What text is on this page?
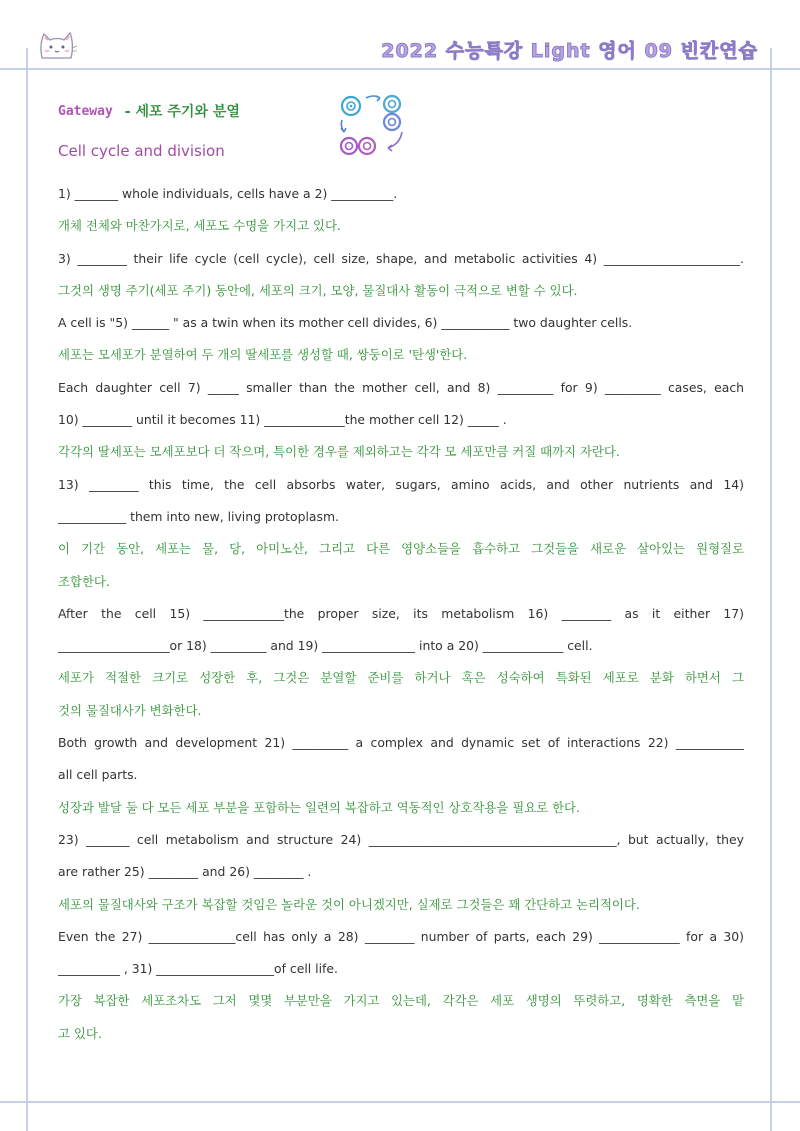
2022 수능특강 Light 영어 09 빈칸연습
Gateway - 세포 주기와 분열
Cell cycle and division
1) _______ whole individuals, cells have a 2) __________.
개체 전체와 마찬가지로, 세포도 수명을 가지고 있다.
3) ________ their life cycle (cell cycle), cell size, shape, and metabolic activities 4) ______________________.
그것의 생명 주기(세포 주기) 동안에, 세포의 크기, 모양, 물질대사 활동이 극적으로 변할 수 있다.
A cell is "5) ______ " as a twin when its mother cell divides, 6) ___________ two daughter cells.
세포는 모세포가 분열하여 두 개의 딸세포를 생성할 때, 쌍둥이로 '탄생'한다.
Each daughter cell 7) _____ smaller than the mother cell, and 8) _________ for 9) _________ cases, each
10) ________ until it becomes 11) _____________the mother cell 12) _____ .
각각의 딸세포는 모세포보다 더 작으며, 특이한 경우를 제외하고는 각각 모 세포만큼 커질 때까지 자란다.
13) ________ this time, the cell absorbs water, sugars, amino acids, and other nutrients and 14)
___________ them into new, living protoplasm.
이 기간 동안, 세포는 물, 당, 아미노산, 그리고 다른 영양소들을 흡수하고 그것들을 새로운 살아있는 원형질로
조합한다.
After the cell 15) _____________the proper size, its metabolism 16) ________ as it either 17)
__________________or 18) _________ and 19) _______________ into a 20) _____________ cell.
세포가 적절한 크기로 성장한 후, 그것은 분열할 준비를 하거나 혹은 성숙하여 특화된 세포로 분화 하면서 그
것의 물질대사가 변화한다.
Both growth and development 21) _________ a complex and dynamic set of interactions 22) ___________
all cell parts.
성장과 발달 둘 다 모든 세포 부분을 포함하는 일련의 복잡하고 역동적인 상호작용을 필요로 한다.
23) _______ cell metabolism and structure 24) ________________________________________, but actually, they
are rather 25) ________ and 26) ________ .
세포의 물질대사와 구조가 복잡할 것임은 놀라운 것이 아니겠지만, 실제로 그것들은 꽤 간단하고 논리적이다.
Even the 27) ______________cell has only a 28) ________ number of parts, each 29) _____________ for a 30)
__________ , 31) ___________________of cell life.
가장 복잡한 세포조차도 그저 몇몇 부분만을 가지고 있는데, 각각은 세포 생명의 뚜렷하고, 명확한 측면을 맡
고 있다.
